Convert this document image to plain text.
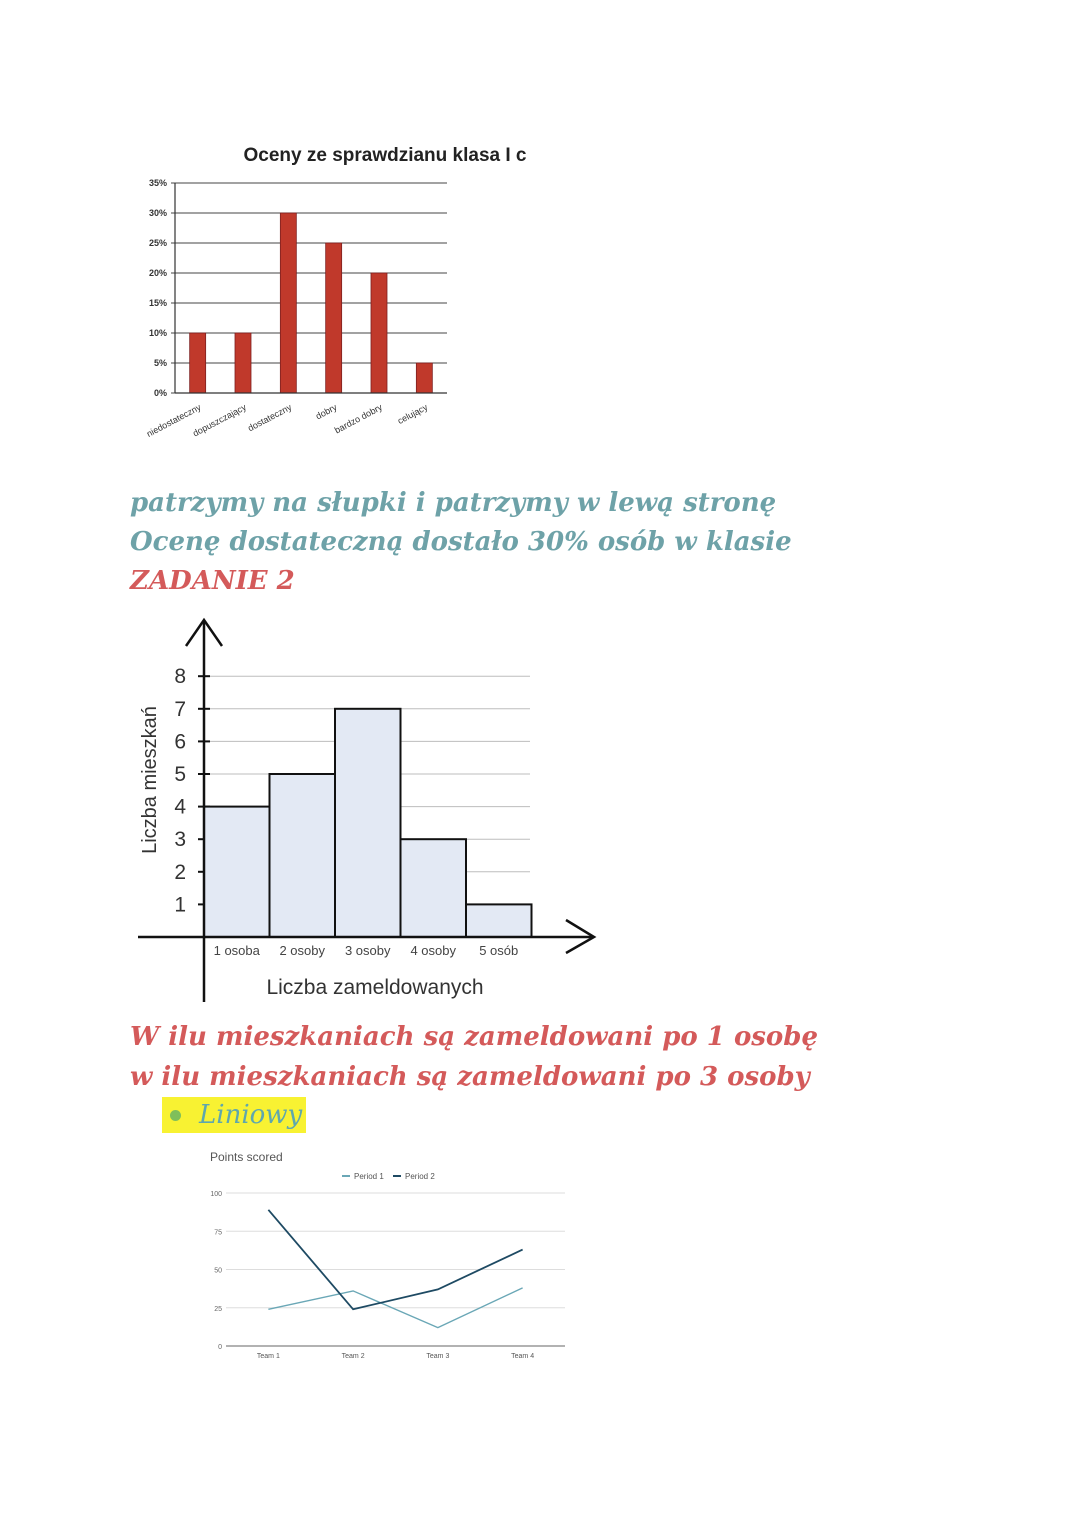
Oceny ze sprawdzianu klasa I c
0%
5%
10%
15%
20%
25%
30%
35%
niedostateczny
dopuszczający
dostateczny dobry
bardzo dobry celujący

patrzymy na słupki i patrzymy w lewą stronę

Ocenę dostateczną dostało 30% osób w klasie

ZADANIE 2

1
2
3
4
5
6
7
8
1 osoba 2 osoby 3 osoby 4 osoby 5 osób
Liczba mieszkań
Liczba zameldowanych

W ilu mieszkaniach są zameldowani po 1 osobę

w ilu mieszkaniach są zameldowani po 3 osoby

Liniowy
Points scored
Period 1	Period 2
0
25
50
75
100
Team 1	Team 2	Team 3	Team 4
